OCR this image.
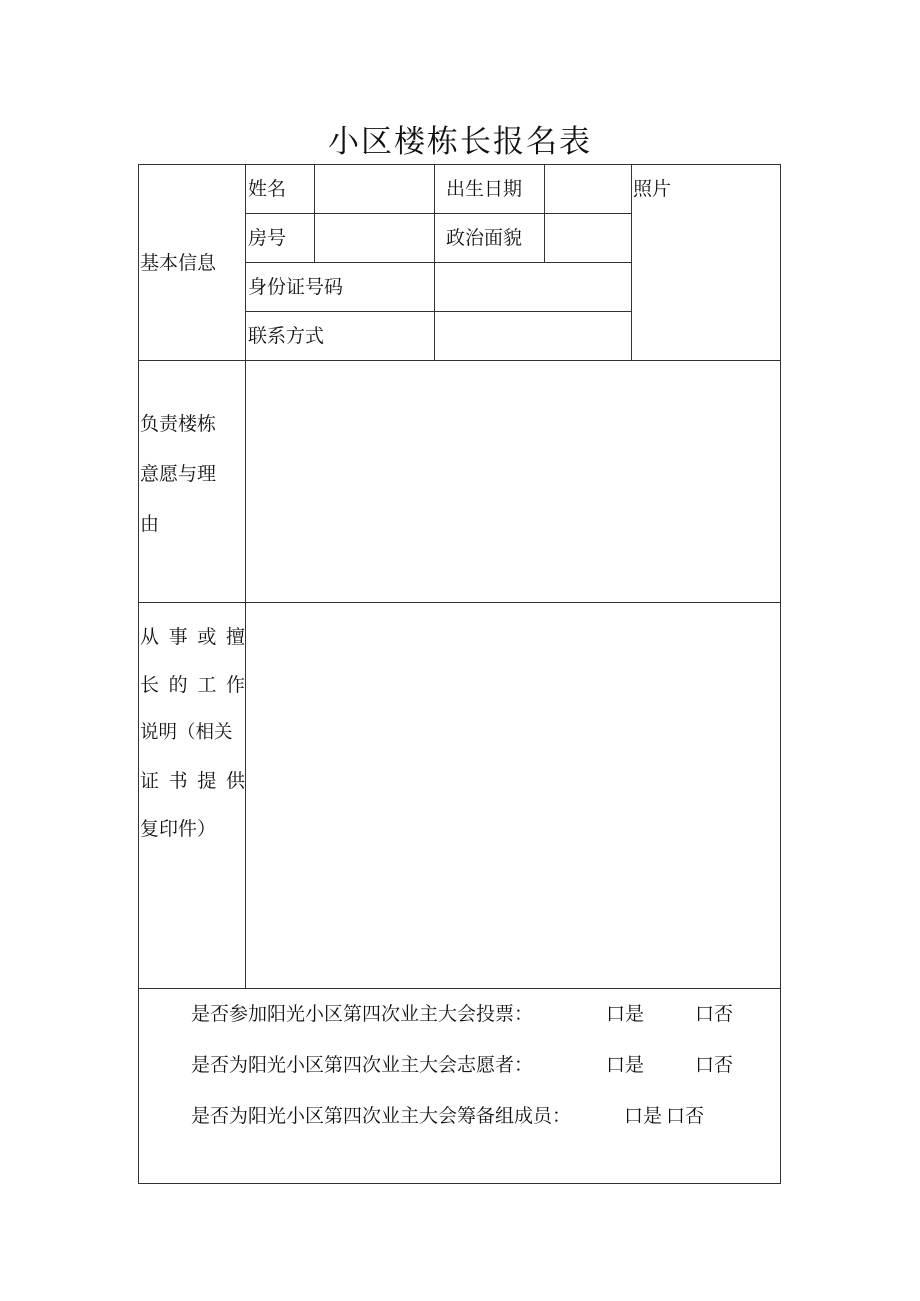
小区楼栋长报名表
基本信息
姓名	出生日期	照片
房号	政治面貌
身份证号码
联系方式
负责楼栋
意愿与理
由
从 事 或 擅
长 的 工 作
说明（相关
证 书 提 供
复印件）
是否参加阳光小区第四次业主大会投票：	口是	口否
是否为阳光小区第四次业主大会志愿者：	口是	口否
是否为阳光小区第四次业主大会筹备组成员：	口是 口否
